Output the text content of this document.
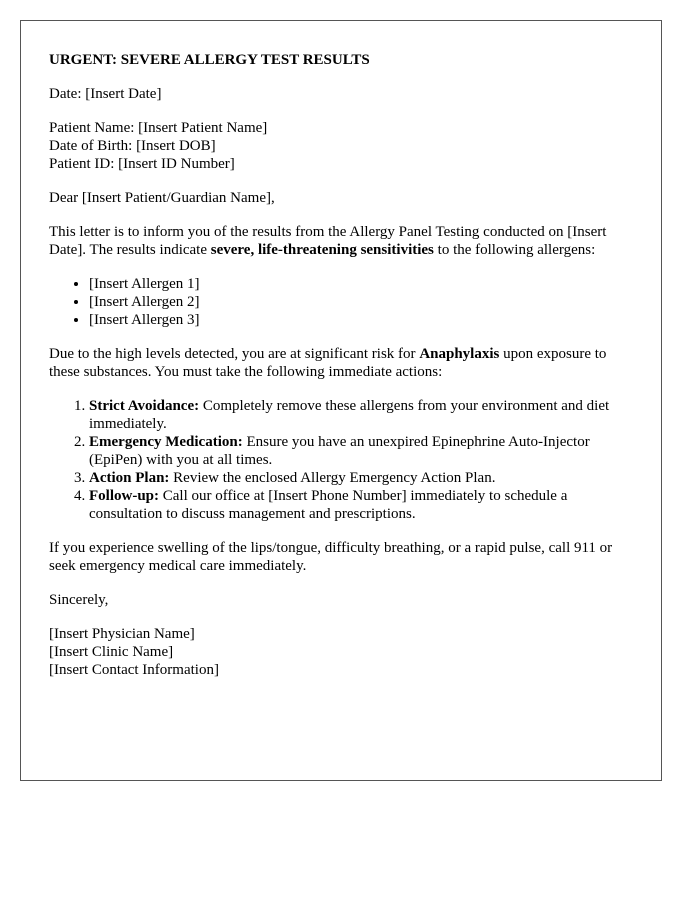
URGENT: SEVERE ALLERGY TEST RESULTS

Date: [Insert Date]

Patient Name: [Insert Patient Name]
Date of Birth: [Insert DOB]
Patient ID: [Insert ID Number]

Dear [Insert Patient/Guardian Name],

This letter is to inform you of the results from the Allergy Panel Testing conducted on [Insert Date]. The results indicate severe, life-threatening sensitivities to the following allergens:

• [Insert Allergen 1]
• [Insert Allergen 2]
• [Insert Allergen 3]

Due to the high levels detected, you are at significant risk for Anaphylaxis upon exposure to these substances. You must take the following immediate actions:

1. Strict Avoidance: Completely remove these allergens from your environment and diet immediately.
2. Emergency Medication: Ensure you have an unexpired Epinephrine Auto-Injector (EpiPen) with you at all times.
3. Action Plan: Review the enclosed Allergy Emergency Action Plan.
4. Follow-up: Call our office at [Insert Phone Number] immediately to schedule a consultation to discuss management and prescriptions.

If you experience swelling of the lips/tongue, difficulty breathing, or a rapid pulse, call 911 or seek emergency medical care immediately.

Sincerely,

[Insert Physician Name]
[Insert Clinic Name]
[Insert Contact Information]
